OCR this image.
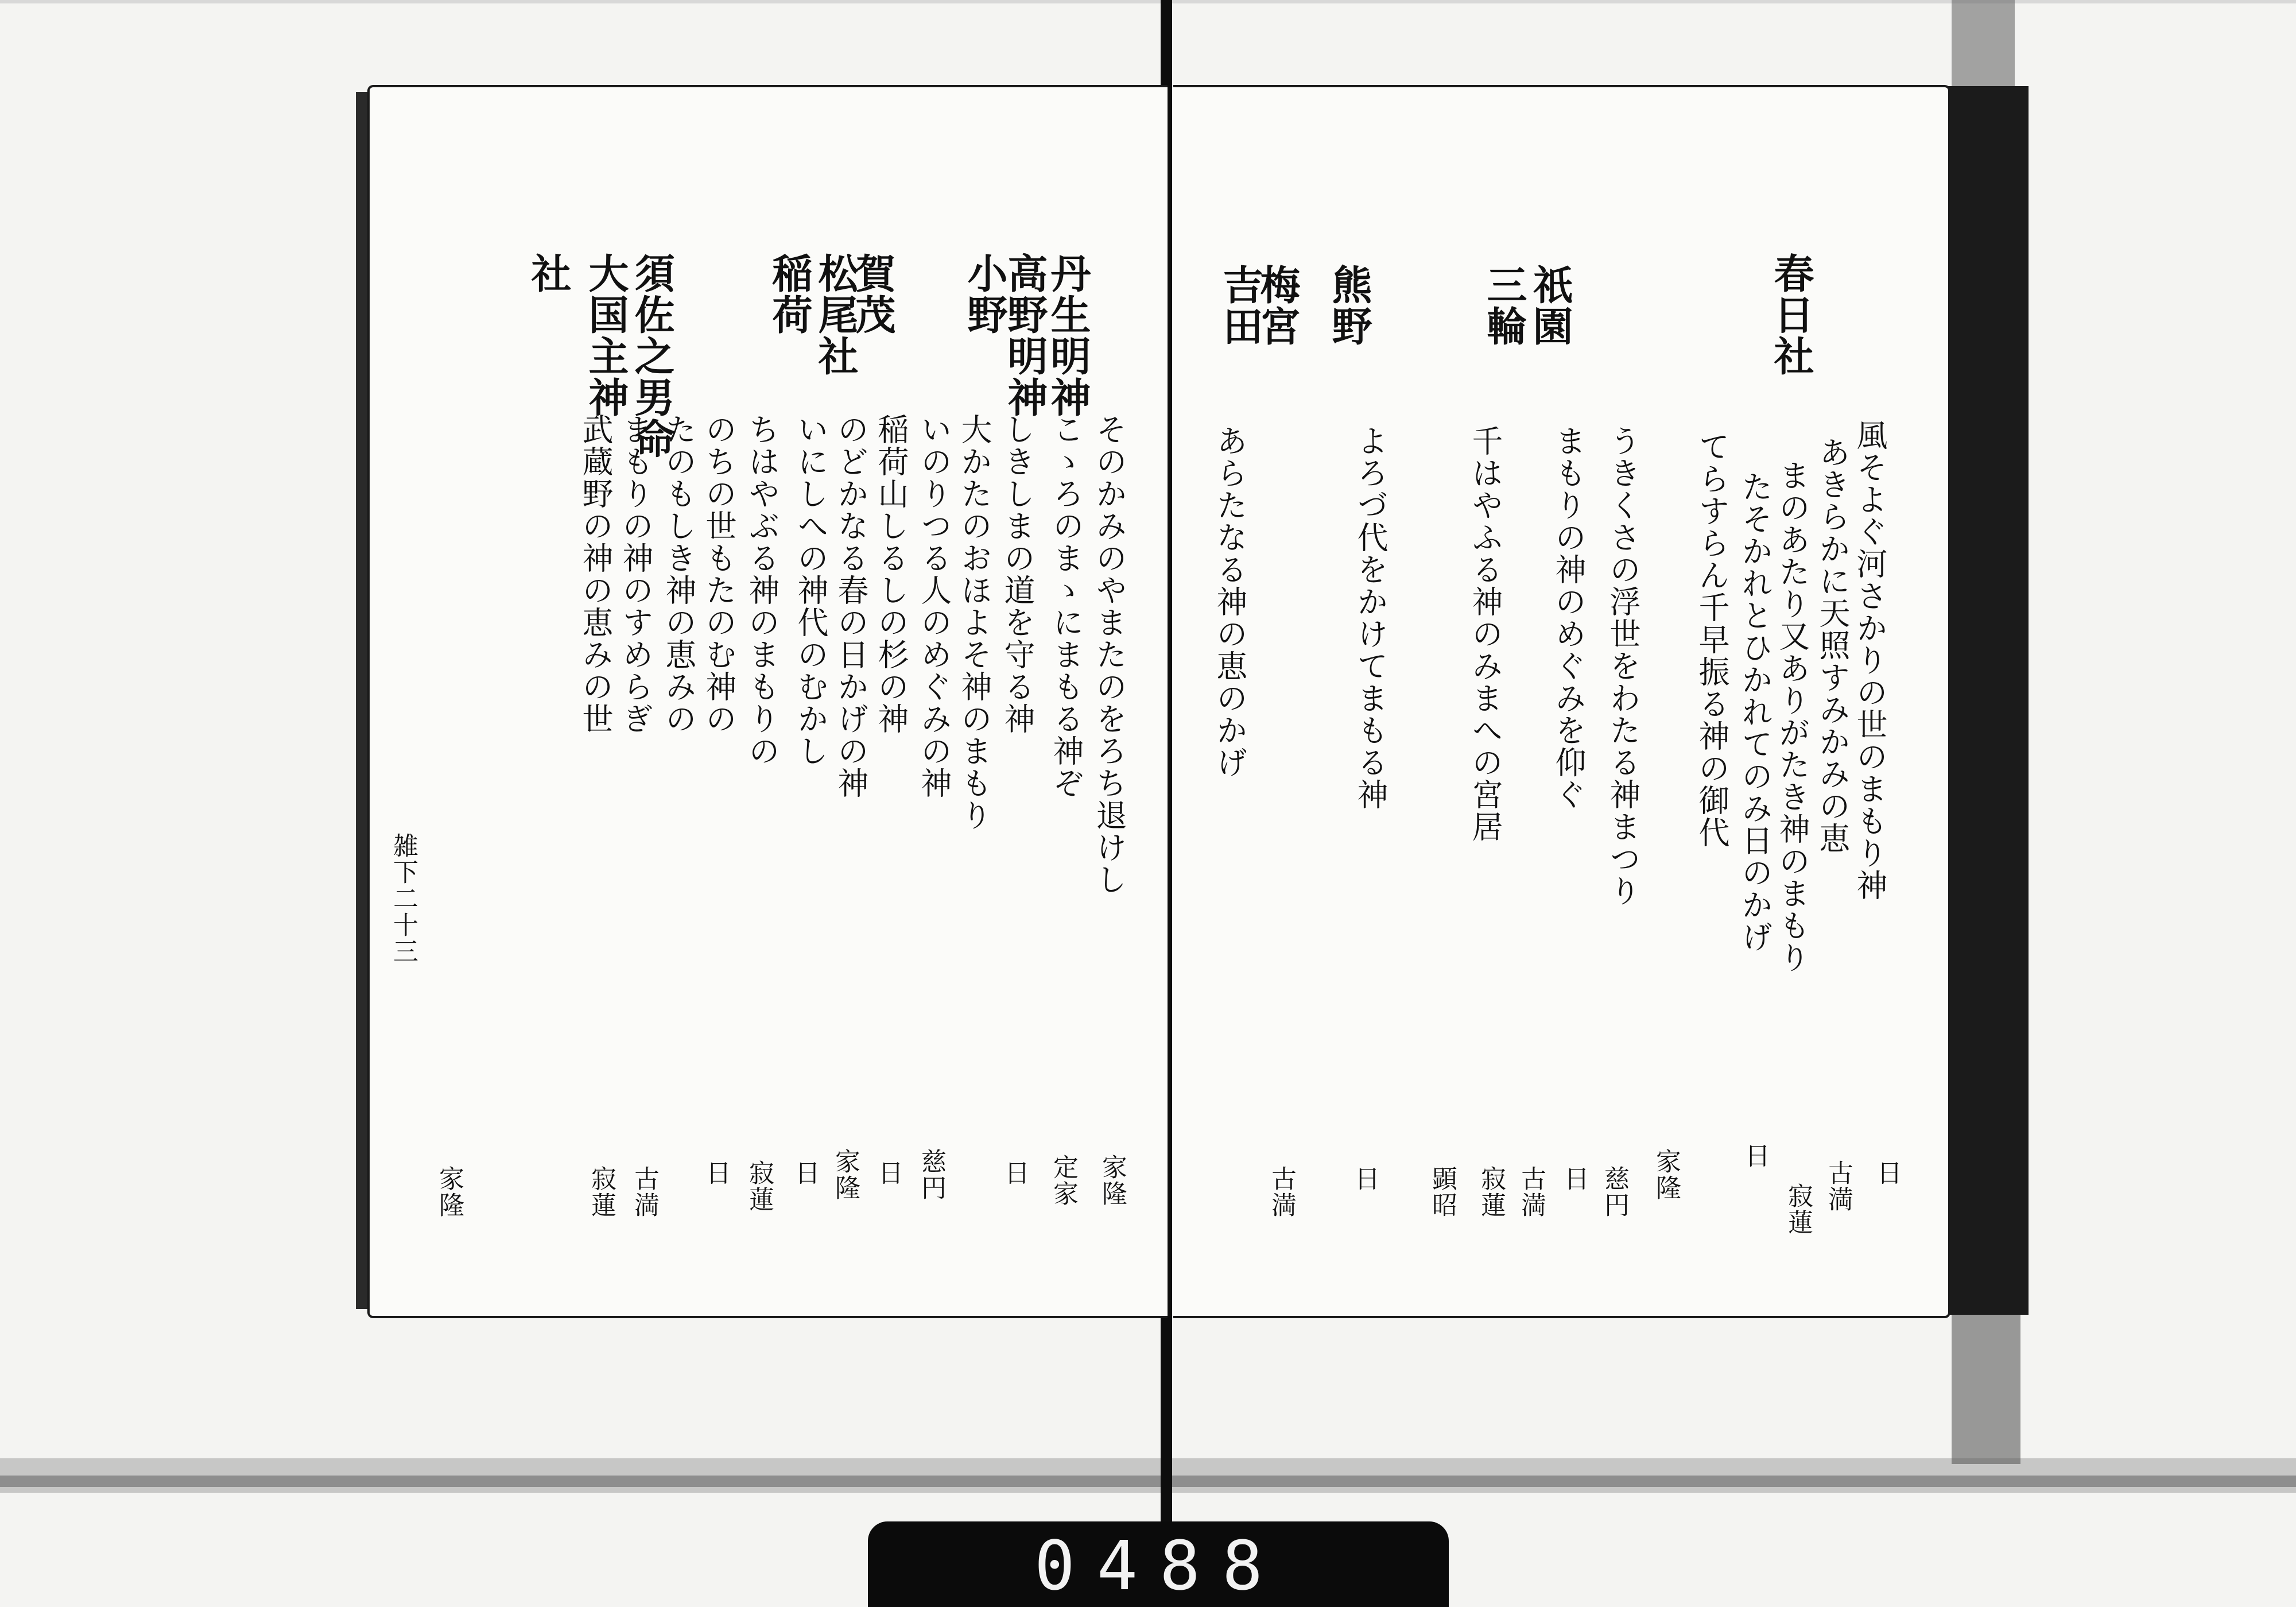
春日社
風そよぐ河さかりの世のまもり神
あきらかに天照すみかみの恵
まのあたり又ありがたき神のまもり
たそかれとひかれてのみ日のかげ
てらすらん千早振る神の御代
うきくさの浮世をわたる神まつり
まもりの神のめぐみを仰ぐ
千はやふる神のみまへの宮居
よろづ代をかけてまもる神
あらたなる神の恵のかげ
祇園
三輪
熊野
梅宮
吉田
日
古満
寂蓮
日
家隆
慈円
日
古満
寂蓮
顕昭
日
古満
丹生明神
高野明神
小野
賀茂
松尾社
稲荷
須佐之男命
大国主神
社
そのかみのやまたのをろち退けし
こゝろのまゝにまもる神ぞ
しきしまの道を守る神
大かたのおほよそ神のまもり
いのりつる人のめぐみの神
稲荷山しるしの杉の神
のどかなる春の日かげの神
いにしへの神代のむかし
ちはやぶる神のまもりの
のちの世もたのむ神の
たのもしき神の恵みの
まもりの神のすめらぎ
武蔵野の神の恵みの世
家隆
定家
日
慈円
日
家隆
日
寂蓮
日
古満
寂蓮
家隆
雑下二十三
0488
